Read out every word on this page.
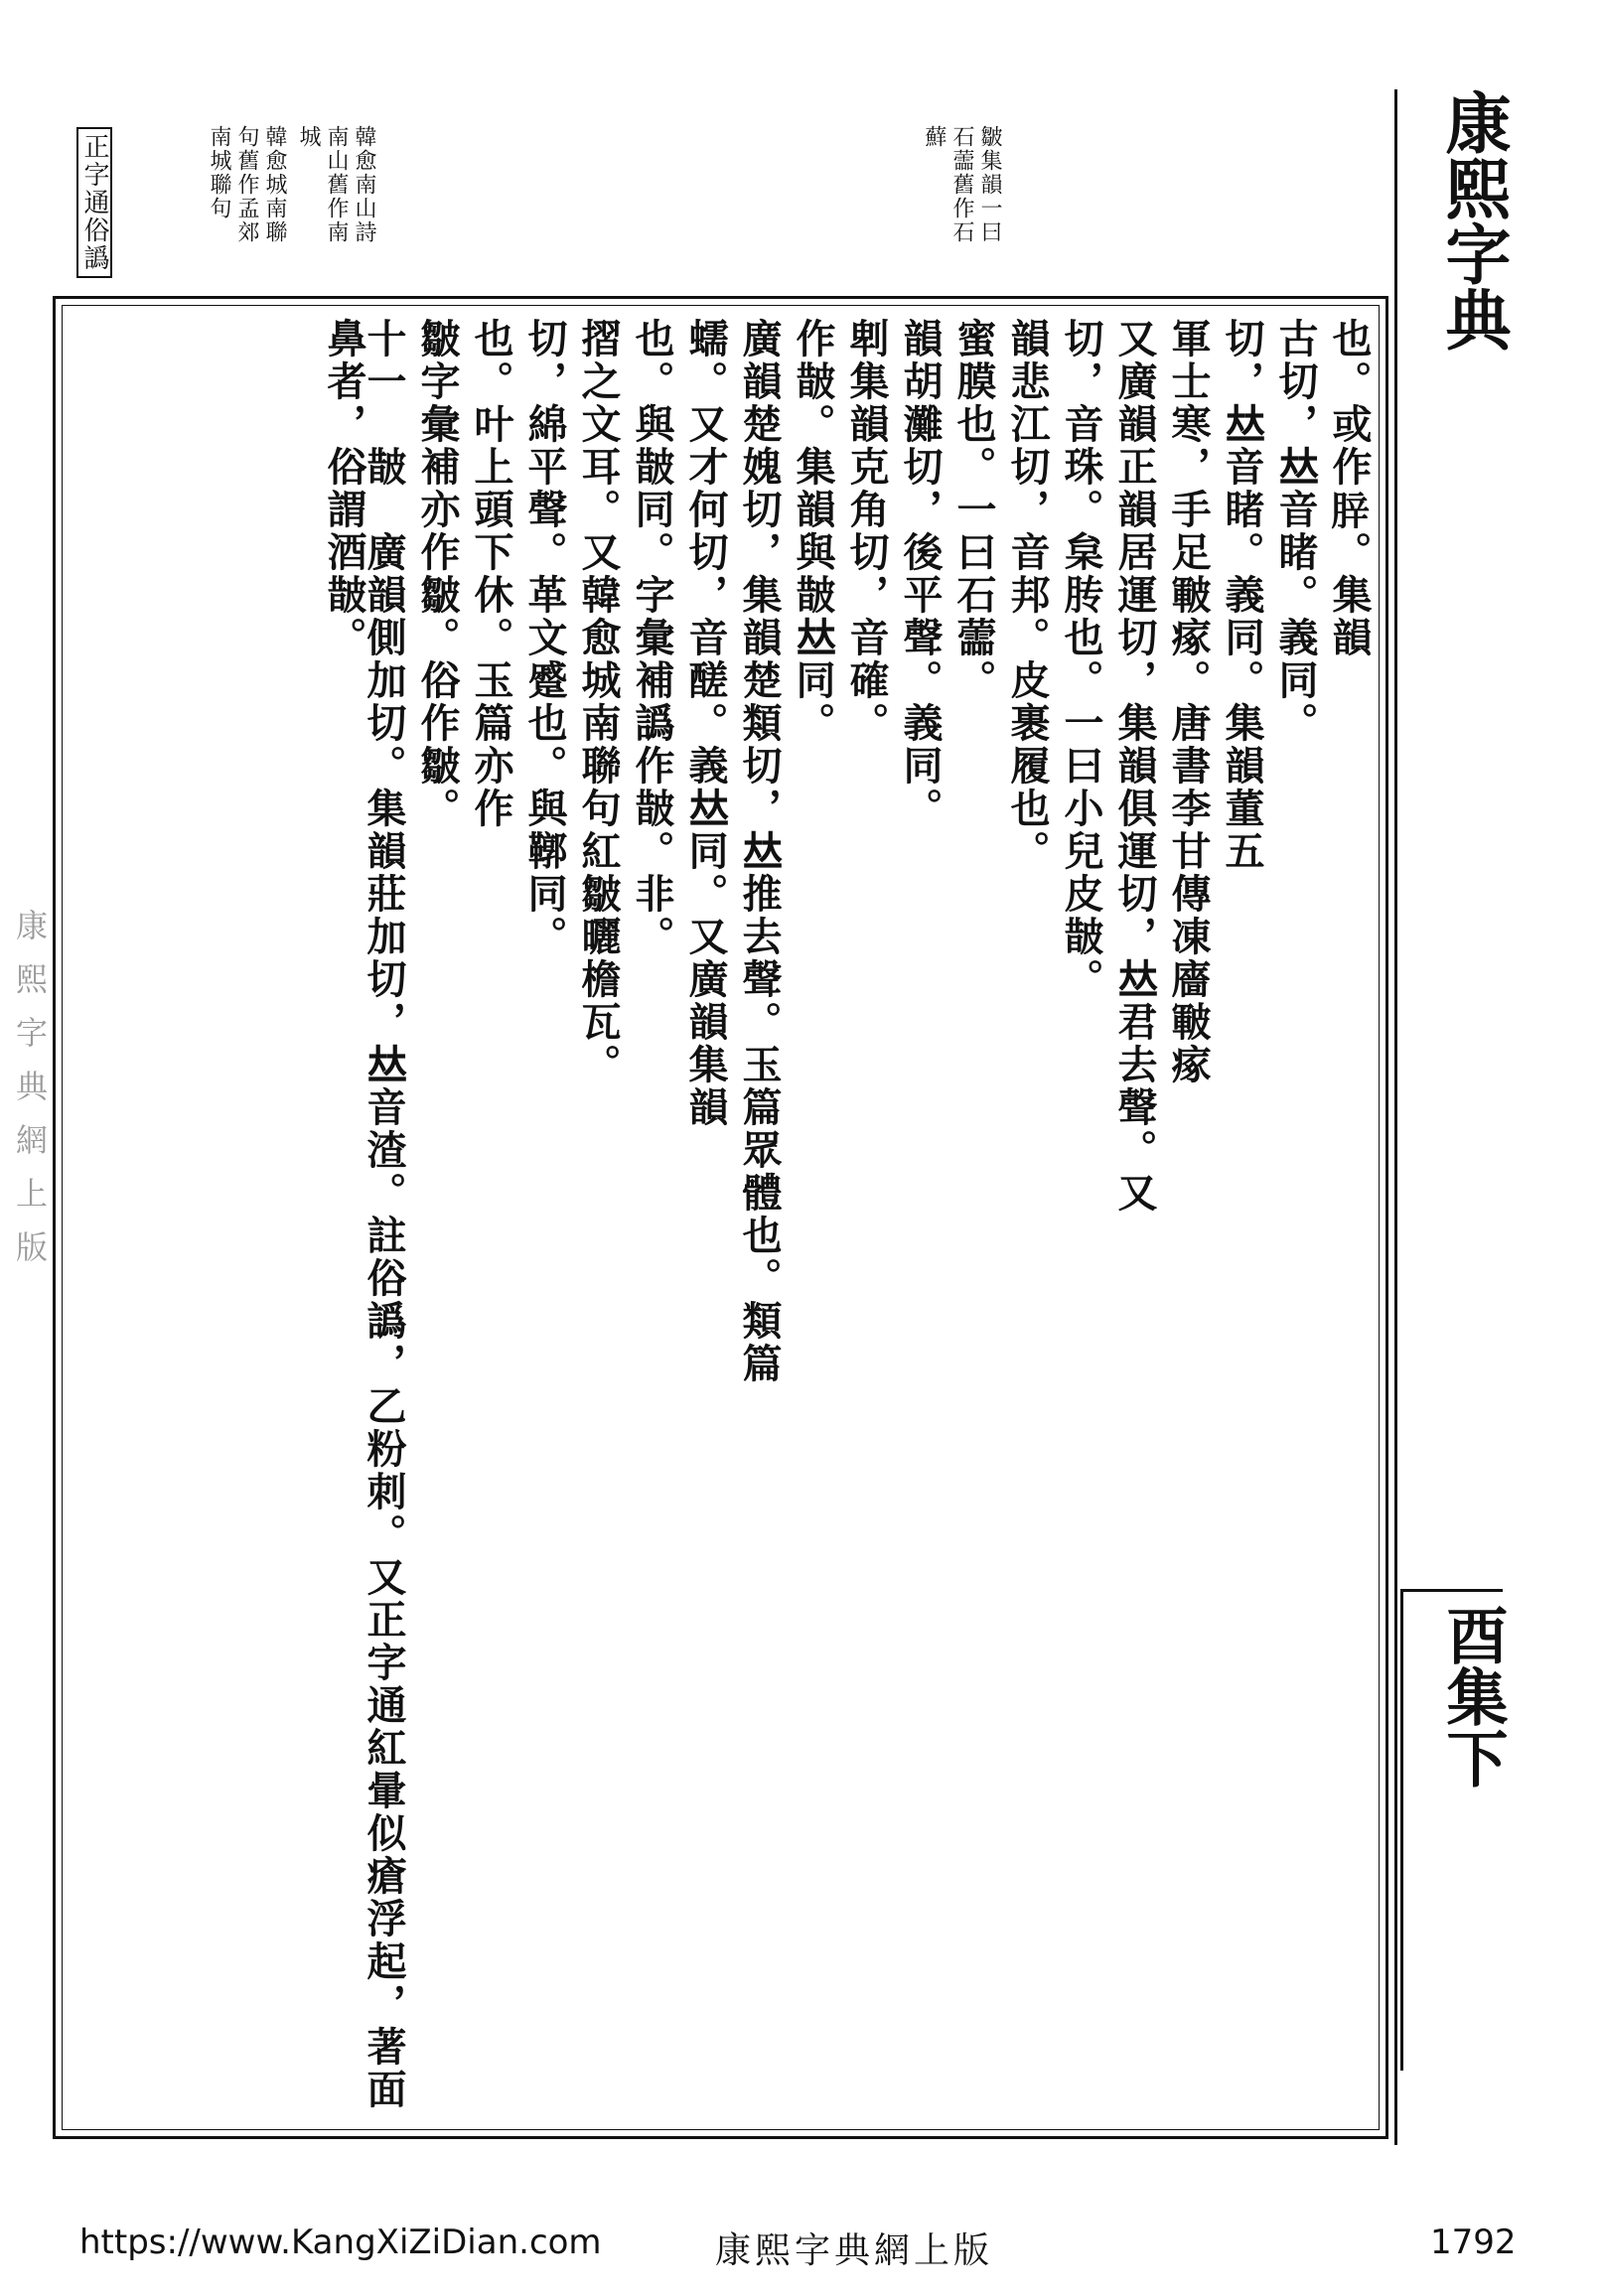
正字通俗譌	韓愈南山詩
南山舊作南
城
韓愈城南聯
句舊作孟郊
南城聯句	皺集韻一曰
石蘦舊作石
蘚	康熙字典
酉集下
也。或作𦛛。集韻
古切，𠀤音睹。義同。
切，𠀤音睹。義同。集韻董五
軍士寒，手足皸瘃。唐書李甘傳凍廧皸瘃
又廣韻正韻居運切，集韻俱運切，𠀤君去聲。又
切，音珠。枲䏝也。一曰小兒皮皵。
韻悲江切，音邦。皮裹履也。
蜜膜也。一曰石蘦。
韻胡灘切，後平聲。義同。
𠜱集韻克角切，音確。
作皵。集韻與皵𠀤同。
廣韻楚媿切，集韻楚類切，𠀤推去聲。玉篇眾體也。類篇
蠕。又才何切，音醝。義𠀤同。又廣韻集韻
也。與皵同。字彙補譌作皵。非。
摺之文耳。又韓愈城南聯句紅皺曬檐瓦。
切，綿平聲。革文蹙也。與鞹同。
也。叶上頭下休。玉篇亦作
皺字彙補亦作皺。俗作皺。
十一　皵　廣韻側加切。集韻莊加切，𠀤音渣。註俗譌，乙粉刺。又正字通紅暈似瘡浮起，著面鼻者，俗謂酒皵。
康熙字典網上版
https://www.KangXiZiDian.com	康熙字典網上版	1792
